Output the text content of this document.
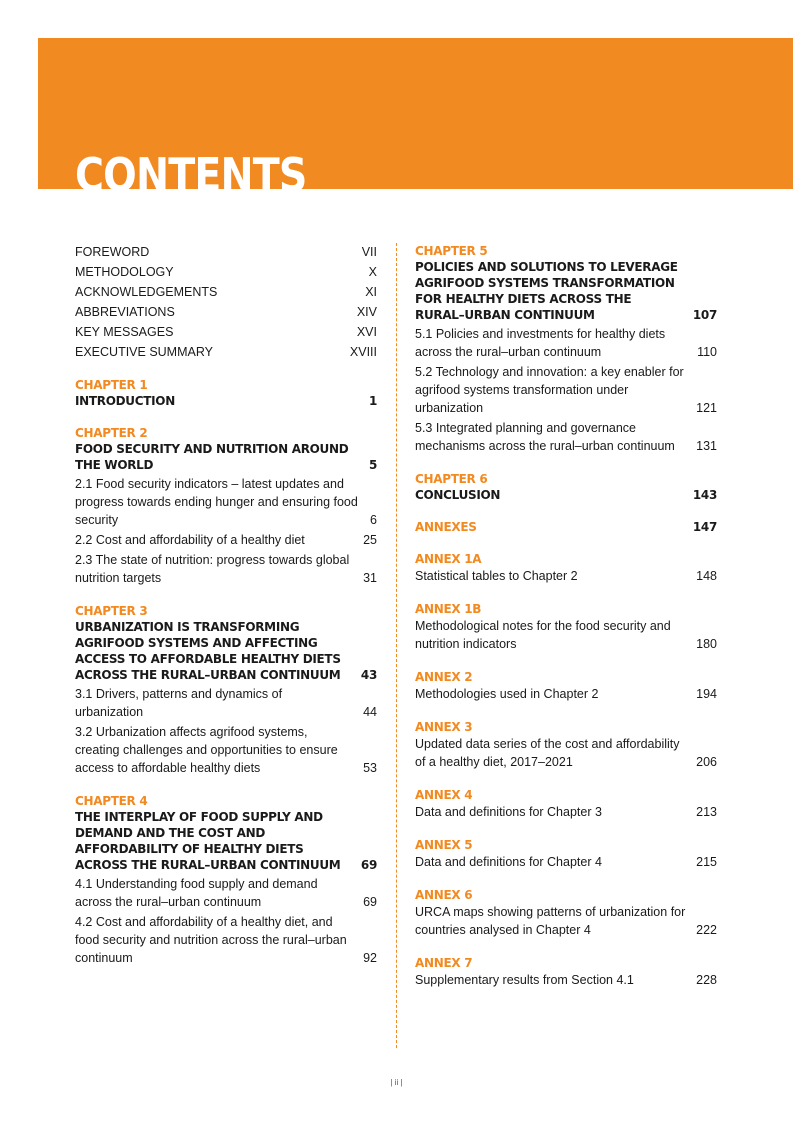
CONTENTS
FOREWORD	VII
METHODOLOGY	X
ACKNOWLEDGEMENTS	XI
ABBREVIATIONS	XIV
KEY MESSAGES	XVI
EXECUTIVE SUMMARY	XVIII
CHAPTER 1
INTRODUCTION	1
CHAPTER 2
FOOD SECURITY AND NUTRITION AROUND THE WORLD	5
2.1 Food security indicators – latest updates and progress towards ending hunger and ensuring food security	6
2.2 Cost and affordability of a healthy diet	25
2.3 The state of nutrition: progress towards global nutrition targets	31
CHAPTER 3
URBANIZATION IS TRANSFORMING AGRIFOOD SYSTEMS AND AFFECTING ACCESS TO AFFORDABLE HEALTHY DIETS ACROSS THE RURAL–URBAN CONTINUUM	43
3.1 Drivers, patterns and dynamics of urbanization	44
3.2 Urbanization affects agrifood systems, creating challenges and opportunities to ensure access to affordable healthy diets	53
CHAPTER 4
THE INTERPLAY OF FOOD SUPPLY AND DEMAND AND THE COST AND AFFORDABILITY OF HEALTHY DIETS ACROSS THE RURAL–URBAN CONTINUUM	69
4.1 Understanding food supply and demand across the rural–urban continuum	69
4.2 Cost and affordability of a healthy diet, and food security and nutrition across the rural–urban continuum	92
CHAPTER 5
POLICIES AND SOLUTIONS TO LEVERAGE AGRIFOOD SYSTEMS TRANSFORMATION FOR HEALTHY DIETS ACROSS THE RURAL–URBAN CONTINUUM	107
5.1 Policies and investments for healthy diets across the rural–urban continuum	110
5.2 Technology and innovation: a key enabler for agrifood systems transformation under urbanization	121
5.3 Integrated planning and governance mechanisms across the rural–urban continuum	131
CHAPTER 6
CONCLUSION	143
ANNEXES	147
ANNEX 1A
Statistical tables to Chapter 2	148
ANNEX 1B
Methodological notes for the food security and nutrition indicators	180
ANNEX 2
Methodologies used in Chapter 2	194
ANNEX 3
Updated data series of the cost and affordability of a healthy diet, 2017–2021	206
ANNEX 4
Data and definitions for Chapter 3	213
ANNEX 5
Data and definitions for Chapter 4	215
ANNEX 6
URCA maps showing patterns of urbanization for countries analysed in Chapter 4	222
ANNEX 7
Supplementary results from Section 4.1	228
| ii |
